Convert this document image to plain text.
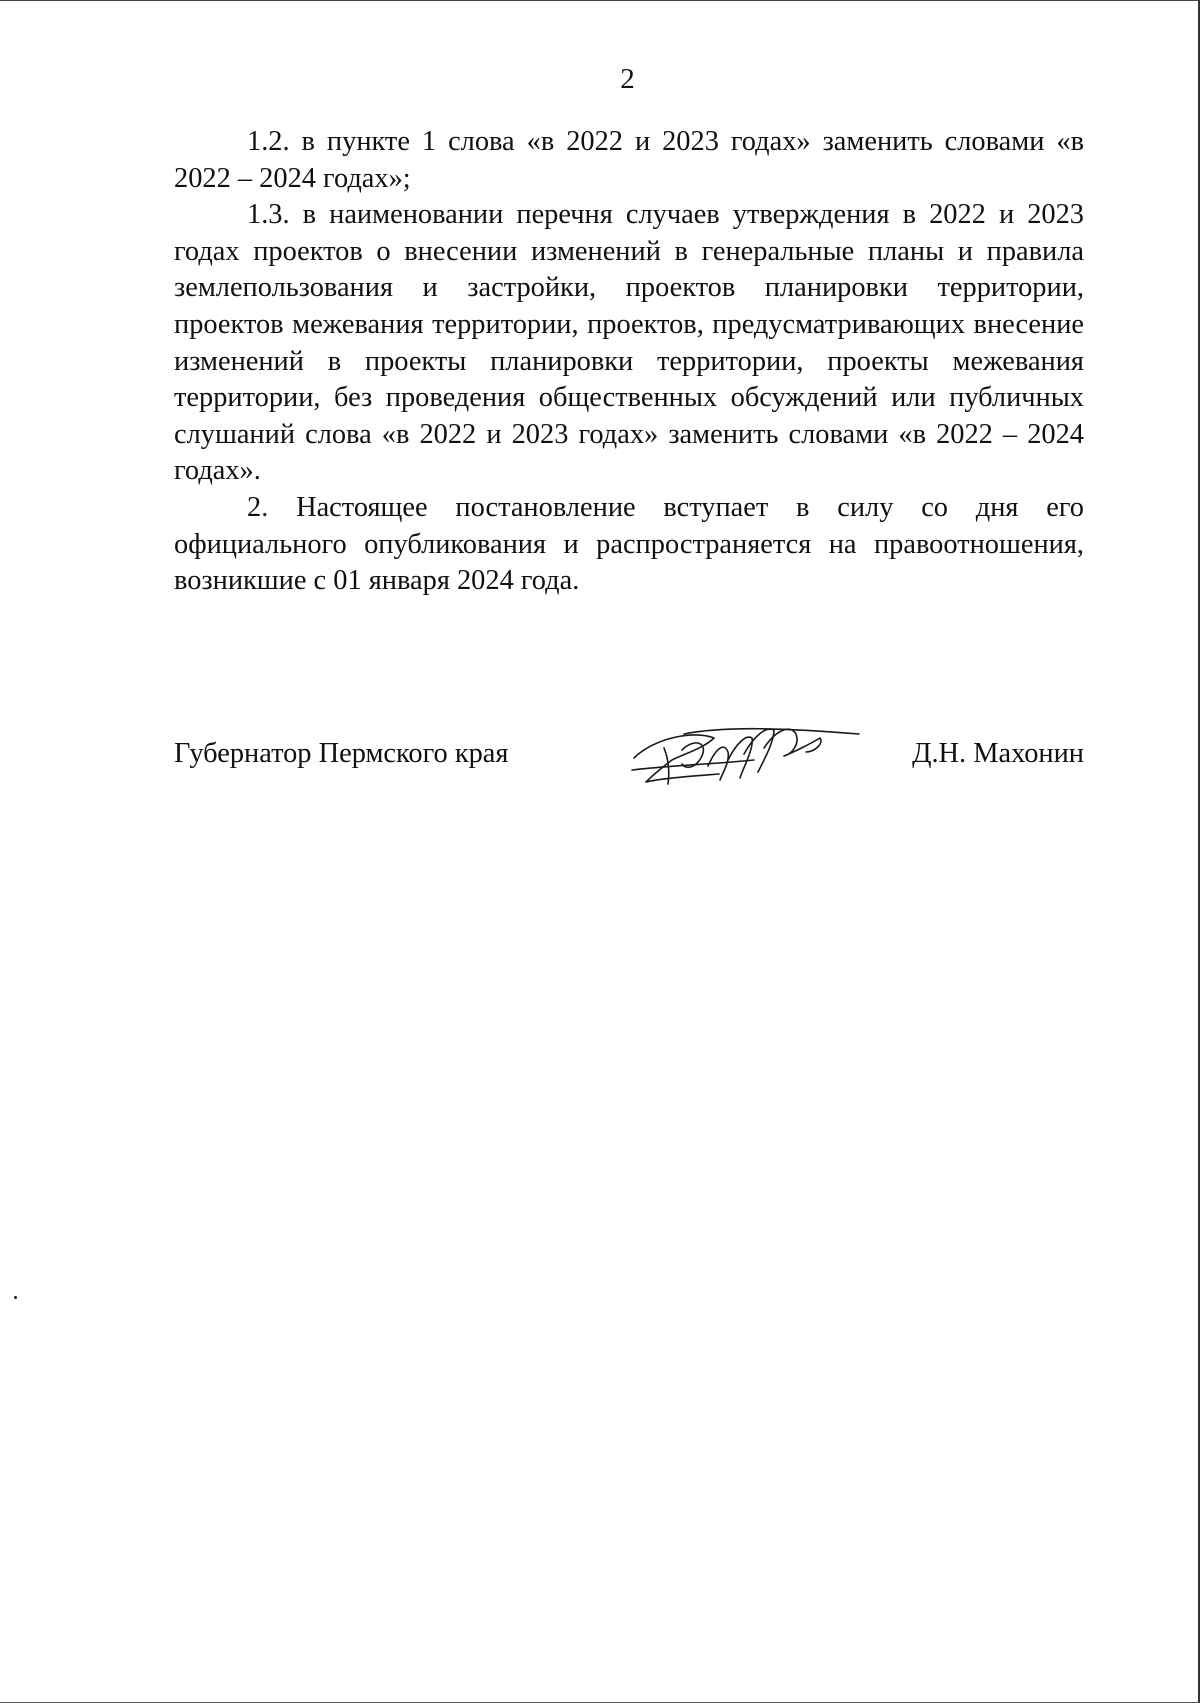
2

1.2. в пункте 1 слова «в 2022 и 2023 годах» заменить словами «в 2022 – 2024 годах»;

1.3. в наименовании перечня случаев утверждения в 2022 и 2023 годах проектов о внесении изменений в генеральные планы и правила землепользования и застройки, проектов планировки территории, проектов межевания территории, проектов, предусматривающих внесение изменений в проекты планировки территории, проекты межевания территории, без проведения общественных обсуждений или публичных слушаний слова «в 2022 и 2023 годах» заменить словами «в 2022 – 2024 годах».

2. Настоящее постановление вступает в силу со дня его официального опубликования и распространяется на правоотношения, возникшие с 01 января 2024 года.

Губернатор Пермского края	Д.Н. Махонин
